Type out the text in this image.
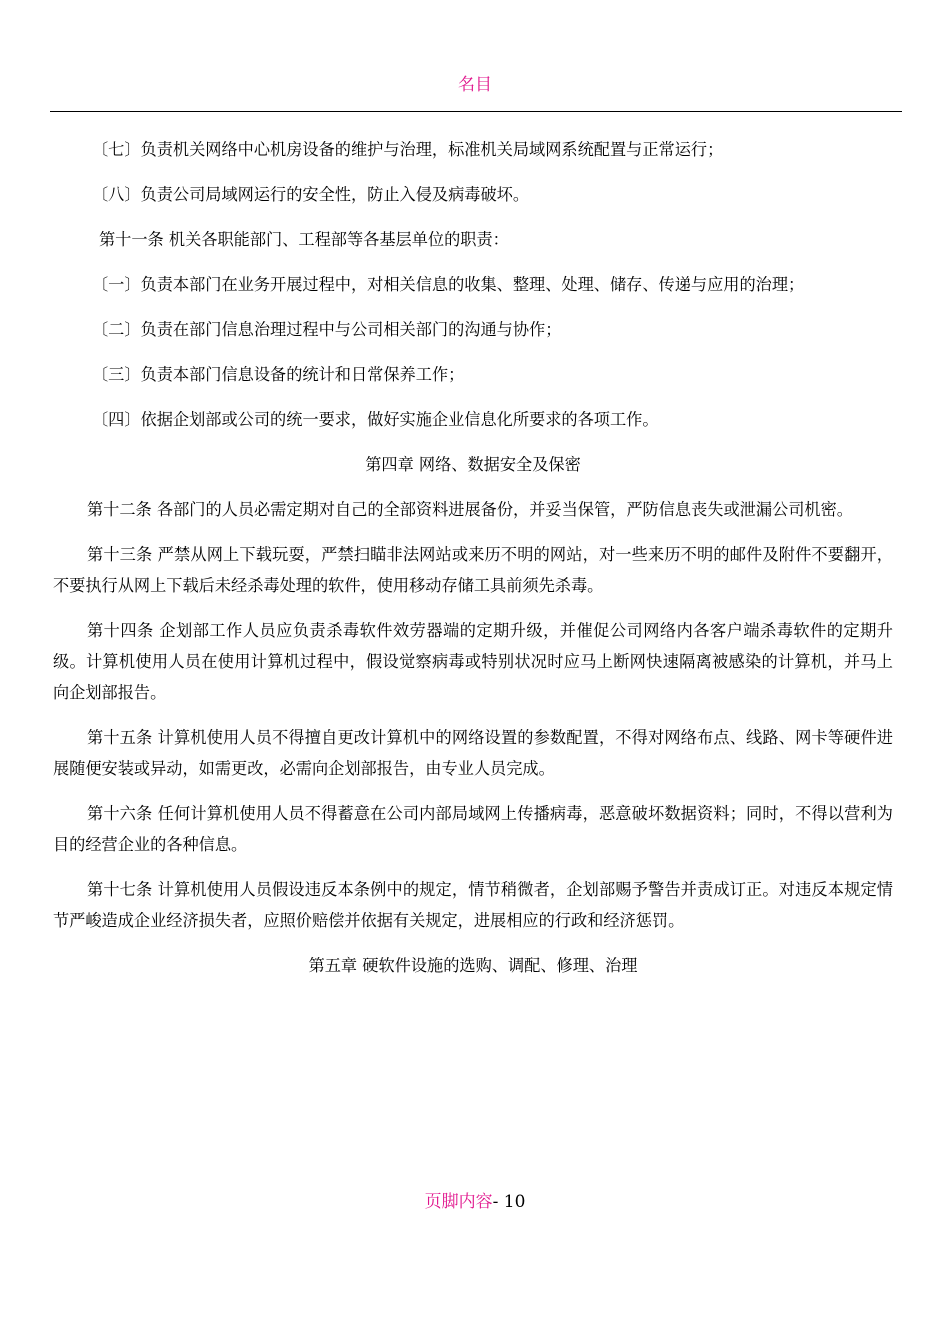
名目

〔七〕负责机关网络中心机房设备的维护与治理，标准机关局域网系统配置与正常运行；

〔八〕负责公司局域网运行的安全性，防止入侵及病毒破坏。

第十一条 机关各职能部门、工程部等各基层单位的职责：

〔一〕负责本部门在业务开展过程中，对相关信息的收集、整理、处理、储存、传递与应用的治理；

〔二〕负责在部门信息治理过程中与公司相关部门的沟通与协作；

〔三〕负责本部门信息设备的统计和日常保养工作；

〔四〕依据企划部或公司的统一要求，做好实施企业信息化所要求的各项工作。

第四章 网络、数据安全及保密

第十二条 各部门的人员必需定期对自己的全部资料进展备份，并妥当保管，严防信息丧失或泄漏公司机密。

第十三条 严禁从网上下载玩耍，严禁扫瞄非法网站或来历不明的网站，对一些来历不明的邮件及附件不要翻开，不要执行从网上下载后未经杀毒处理的软件，使用移动存储工具前须先杀毒。

第十四条 企划部工作人员应负责杀毒软件效劳器端的定期升级，并催促公司网络内各客户端杀毒软件的定期升级。计算机使用人员在使用计算机过程中，假设觉察病毒或特别状况时应马上断网快速隔离被感染的计算机，并马上向企划部报告。

第十五条 计算机使用人员不得擅自更改计算机中的网络设置的参数配置，不得对网络布点、线路、网卡等硬件进展随便安装或异动，如需更改，必需向企划部报告，由专业人员完成。

第十六条 任何计算机使用人员不得蓄意在公司内部局域网上传播病毒，恶意破坏数据资料；同时，不得以营利为目的经营企业的各种信息。

第十七条 计算机使用人员假设违反本条例中的规定，情节稍微者，企划部赐予警告并责成订正。对违反本规定情节严峻造成企业经济损失者，应照价赔偿并依据有关规定，进展相应的行政和经济惩罚。

第五章 硬软件设施的选购、调配、修理、治理

页脚内容- 10
